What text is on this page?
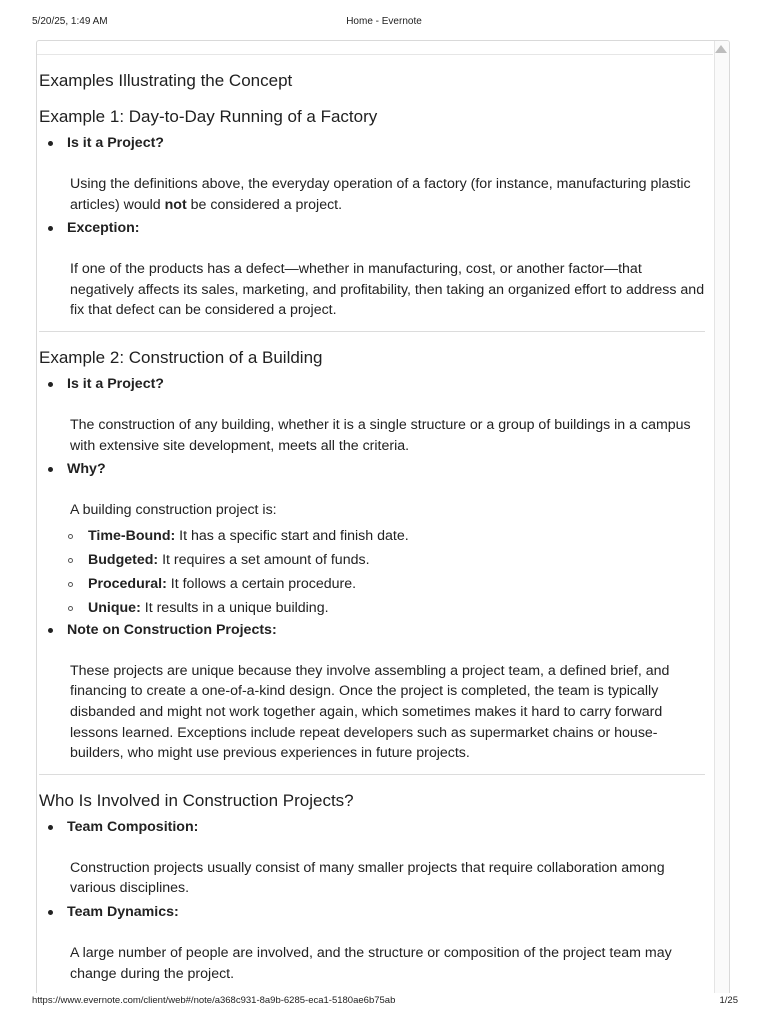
5/20/25, 1:49 AM	Home - Evernote
Examples Illustrating the Concept
Example 1: Day-to-Day Running of a Factory
Is it a Project?
Using the definitions above, the everyday operation of a factory (for instance, manufacturing plastic articles) would not be considered a project.
Exception:
If one of the products has a defect—whether in manufacturing, cost, or another factor—that negatively affects its sales, marketing, and profitability, then taking an organized effort to address and fix that defect can be considered a project.
Example 2: Construction of a Building
Is it a Project?
The construction of any building, whether it is a single structure or a group of buildings in a campus with extensive site development, meets all the criteria.
Why?
A building construction project is:
Time-Bound: It has a specific start and finish date.
Budgeted: It requires a set amount of funds.
Procedural: It follows a certain procedure.
Unique: It results in a unique building.
Note on Construction Projects:
These projects are unique because they involve assembling a project team, a defined brief, and financing to create a one-of-a-kind design. Once the project is completed, the team is typically disbanded and might not work together again, which sometimes makes it hard to carry forward lessons learned. Exceptions include repeat developers such as supermarket chains or house-builders, who might use previous experiences in future projects.
Who Is Involved in Construction Projects?
Team Composition:
Construction projects usually consist of many smaller projects that require collaboration among various disciplines.
Team Dynamics:
A large number of people are involved, and the structure or composition of the project team may change during the project.
https://www.evernote.com/client/web#/note/a368c931-8a9b-6285-eca1-5180ae6b75ab	1/25
